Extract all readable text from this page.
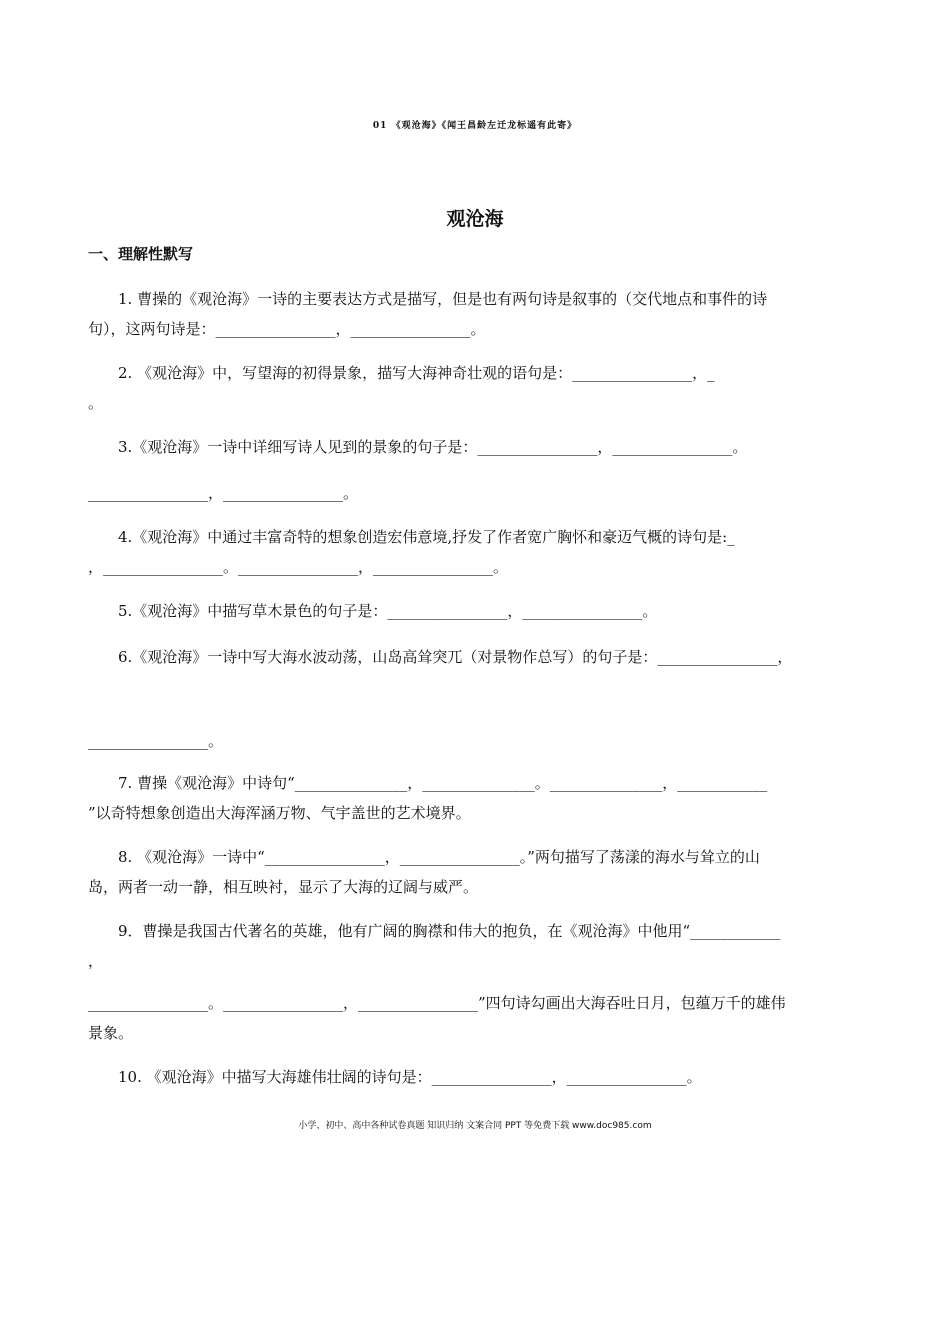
01 《观沧海》《闻王昌龄左迁龙标遥有此寄》
观沧海
一、理解性默写
1. 曹操的《观沧海》一诗的主要表达方式是描写，但是也有两句诗是叙事的（交代地点和事件的诗
句），这两句诗是：________________，________________。
2. 《观沧海》中，写望海的初得景象，描写大海神奇壮观的语句是：________________，_
。
3.《观沧海》一诗中详细写诗人见到的景象的句子是：________________，________________。
________________，________________。
4.《观沧海》中通过丰富奇特的想象创造宏伟意境,抒发了作者宽广胸怀和豪迈气概的诗句是:_
，________________。________________，________________。
5.《观沧海》中描写草木景色的句子是：________________，________________。
6.《观沧海》一诗中写大海水波动荡，山岛高耸突兀（对景物作总写）的句子是：________________，
________________。
7. 曹操《观沧海》中诗句“_______________，_______________。_______________，____________
”以奇特想象创造出大海浑涵万物、气宇盖世的艺术境界。
8. 《观沧海》一诗中“________________，________________。”两句描写了荡漾的海水与耸立的山
岛，两者一动一静，相互映衬，显示了大海的辽阔与威严。
9．曹操是我国古代著名的英雄，他有广阔的胸襟和伟大的抱负，在《观沧海》中他用“____________
，
________________。________________，________________”四句诗勾画出大海吞吐日月，包蕴万千的雄伟
景象。
10. 《观沧海》中描写大海雄伟壮阔的诗句是：________________，________________。
小学、初中、高中各种试卷真题 知识归纳 文案合同 PPT 等免费下载 www.doc985.com
